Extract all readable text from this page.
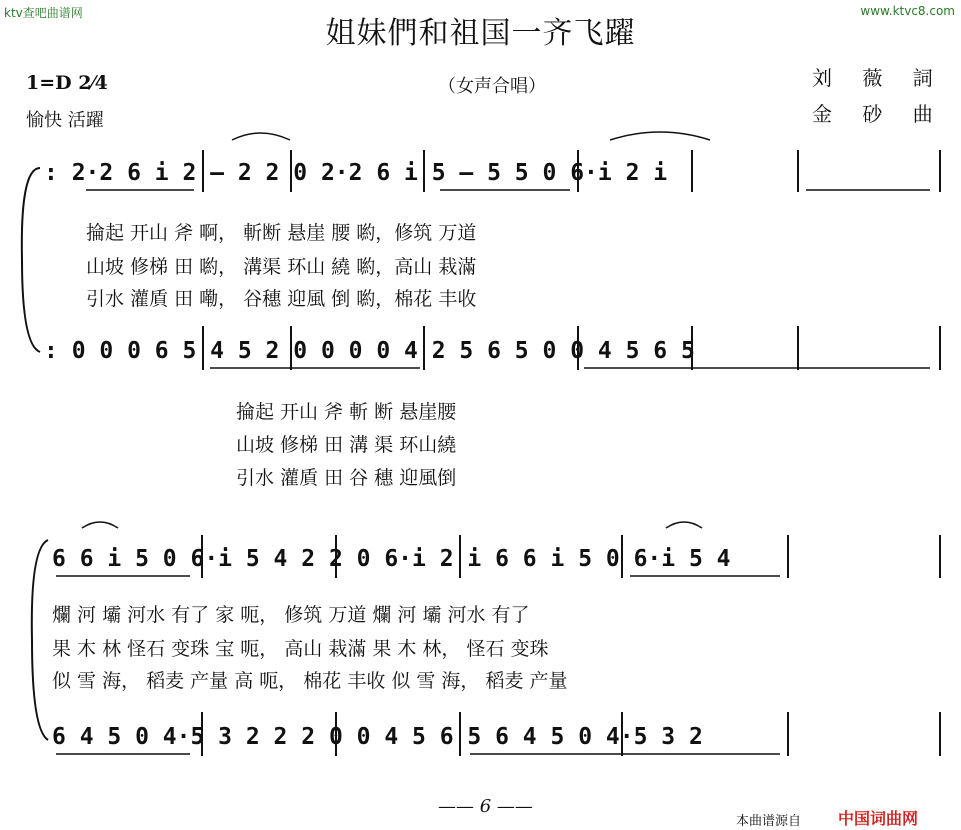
ktv查吧曲谱网	www.ktvc8.com
姐妹們和祖国一齐飞躍
1=D 2⁄4
愉快 活躍
（女声合唱）	刘 薇 詞
金 砂 曲
: 2·2 6 i 2 — 2 2 0 2·2 6 i 5 — 5 5 0 6·i 2 i
掄起 开山 斧 啊， 斬断 悬崖 腰 喲，修筑 万道
山坡 修梯 田 喲， 溝渠 环山 繞 喲，高山 栽滿
引水 灌貭 田 嘞， 谷穗 迎風 倒 喲，棉花 丰收
: 0 0 0 6 5 4 5 2 0 0 0 0 4 2 5 6 5 0 0 4 5 6 5
掄起 开山 斧 斬 断 悬崖腰
山坡 修梯 田 溝 渠 环山繞
引水 灌貭 田 谷 穗 迎風倒
6 6 i 5 0 6·i 5 4 2 2 0 6·i 2 i 6 6 i 5 0 6·i 5 4
爛 河 壩 河水 有了 家 呃， 修筑 万道 爛 河 壩 河水 有了
果 木 林 怪石 变珠 宝 呃， 高山 栽滿 果 木 林， 怪石 变珠
似 雪 海， 稻麦 产量 高 呃， 棉花 丰收 似 雪 海， 稻麦 产量
6 4 5 0 4·5 3 2 2 2 0 0 4 5 6 5 6 4 5 0 4·5 3 2
—— 6 ——
本曲谱源自 中国词曲网
